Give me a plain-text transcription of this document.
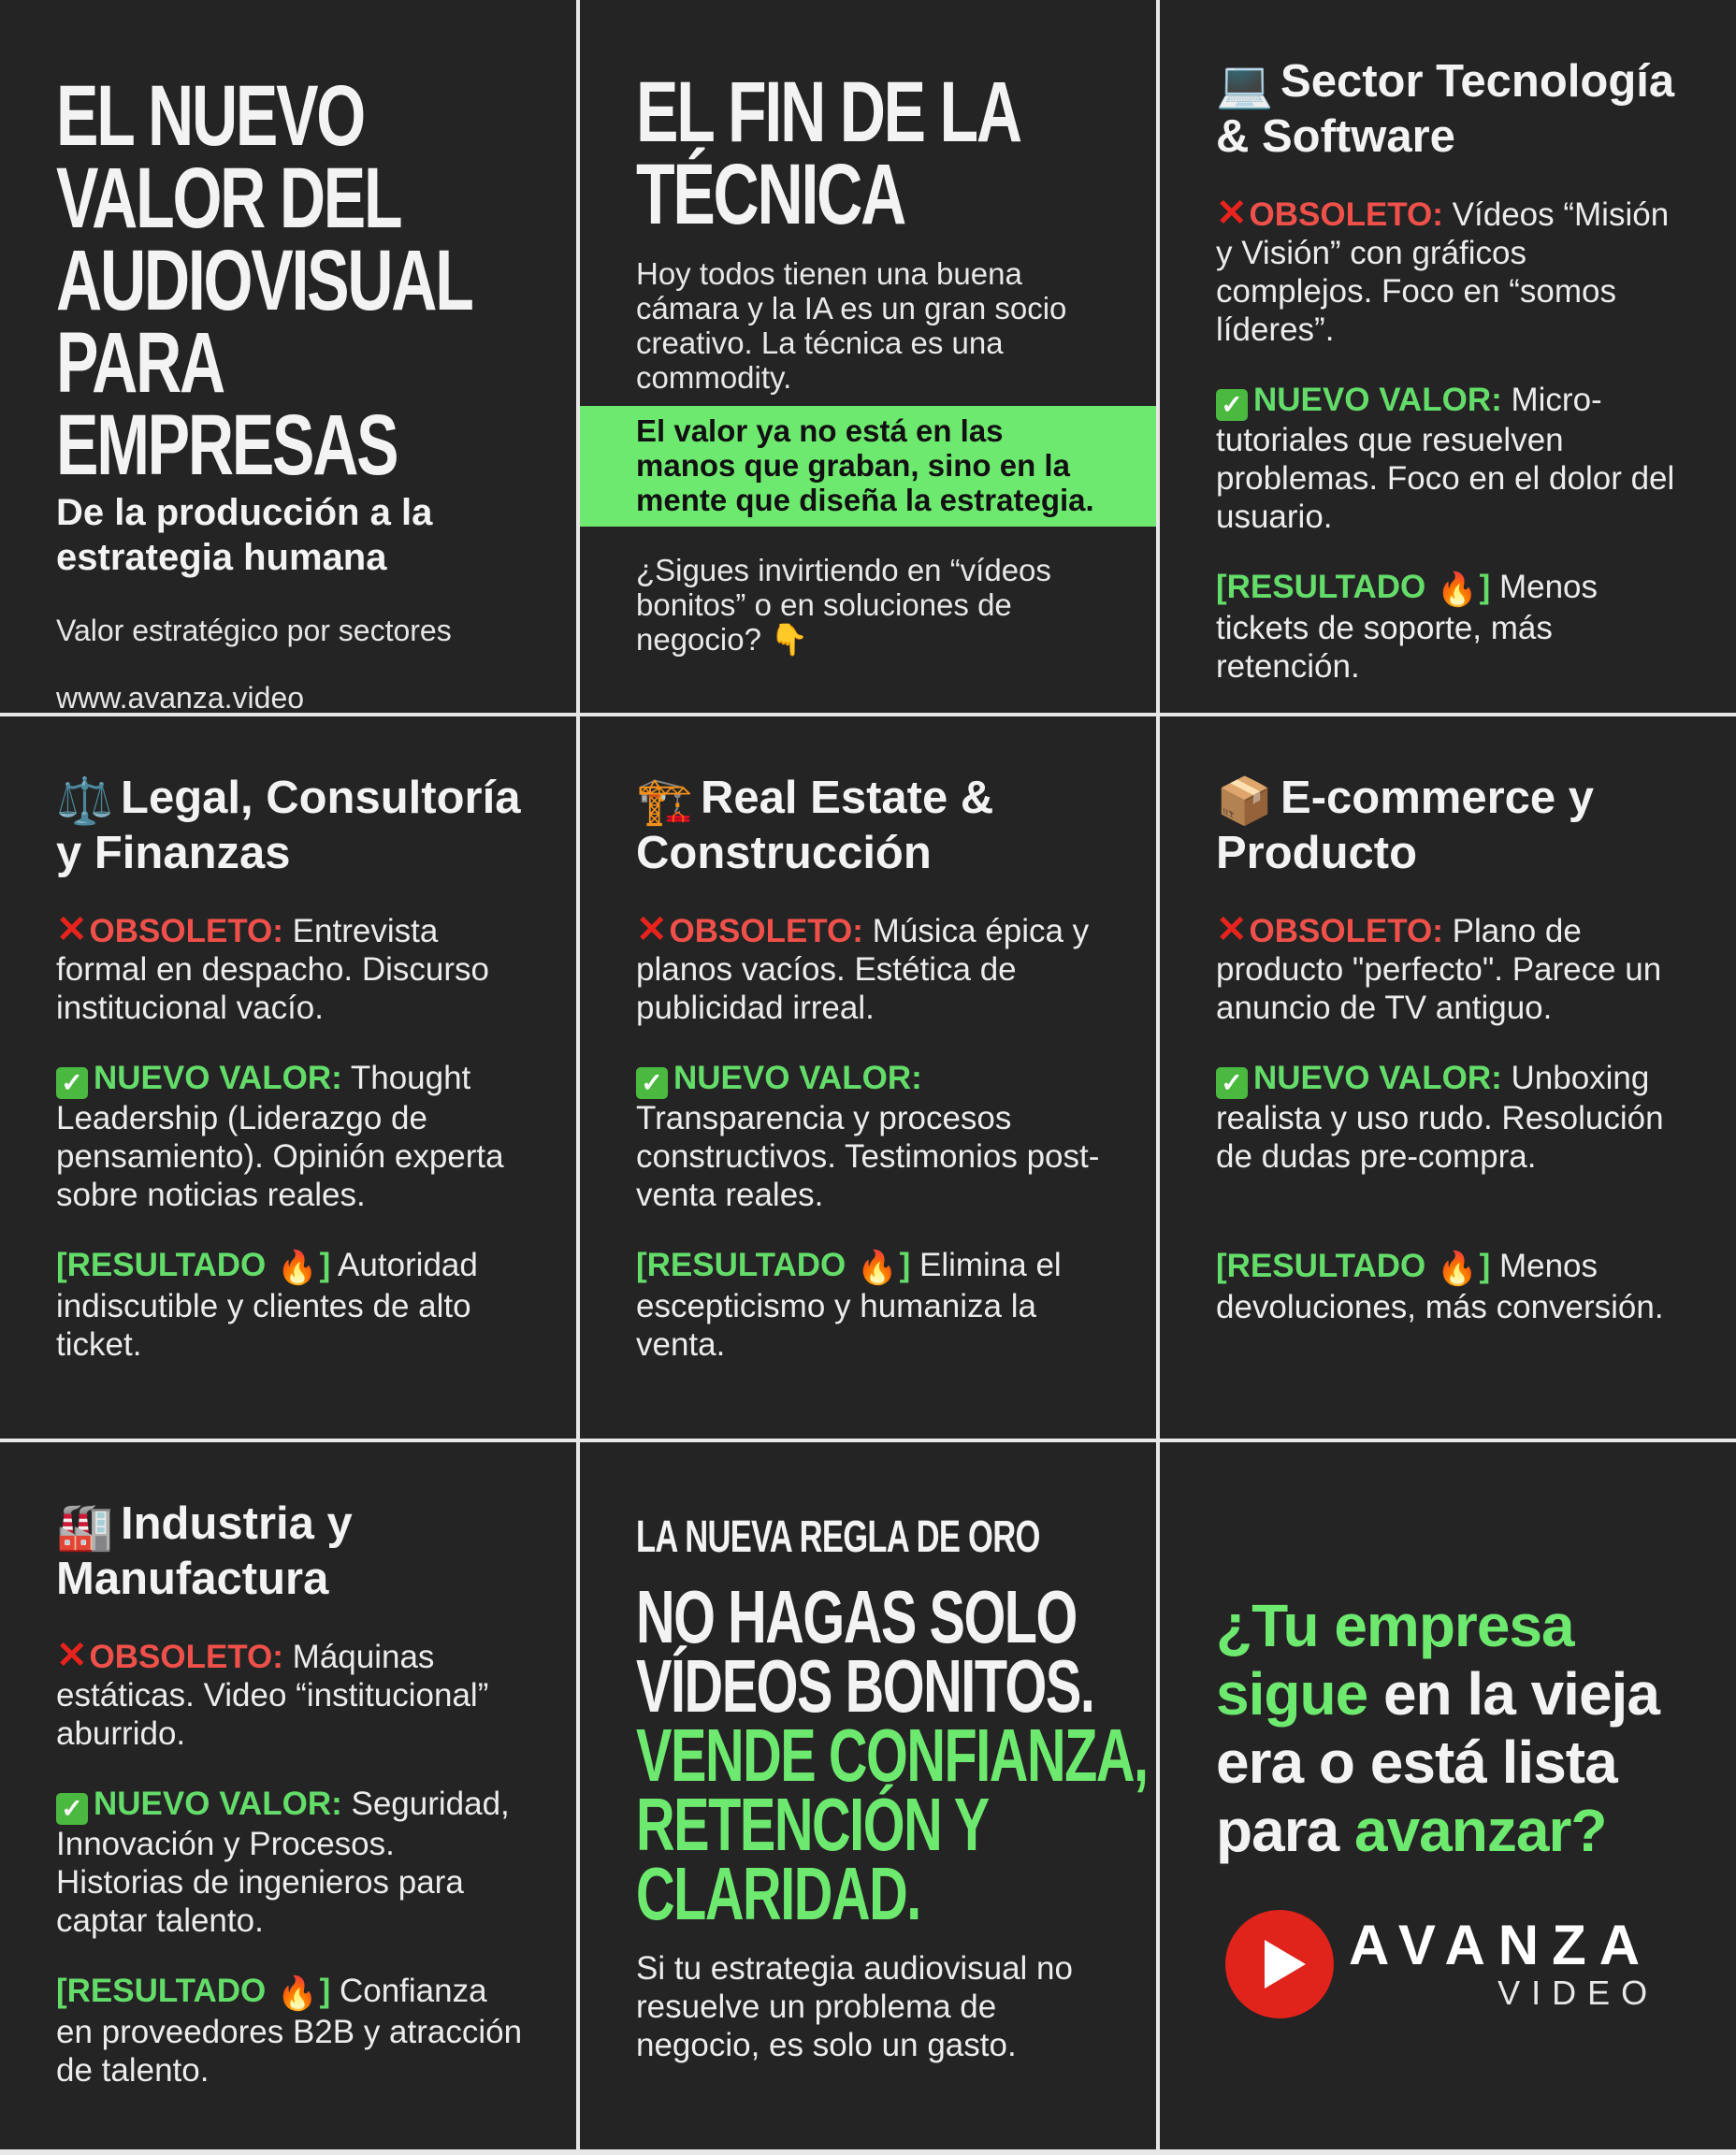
EL NUEVO
VALOR DEL
AUDIOVISUAL
PARA EMPRESAS
De la producción a la estrategia humana
Valor estratégico por sectores
www.avanza.video
EL FIN DE LA
TÉCNICA
Hoy todos tienen una buena cámara y la IA es un gran socio creativo. La técnica es una commodity.
El valor ya no está en las manos que graban, sino en la mente que diseña la estrategia.
¿Sigues invirtiendo en “vídeos bonitos” o en soluciones de negocio? 👇
💻 Sector Tecnología & Software
✕OBSOLETO: Vídeos “Misión y Visión” con gráficos complejos. Foco en “somos líderes”.
✓ NUEVO VALOR: Micro-tutoriales que resuelven problemas. Foco en el dolor del usuario.
[RESULTADO 🔥] Menos tickets de soporte, más retención.
⚖️ Legal, Consultoría y Finanzas
✕OBSOLETO: Entrevista formal en despacho. Discurso institucional vacío.
✓ NUEVO VALOR: Thought Leadership (Liderazgo de pensamiento). Opinión experta sobre noticias reales.
[RESULTADO 🔥] Autoridad indiscutible y clientes de alto ticket.
🏗️ Real Estate & Construcción
✕OBSOLETO: Música épica y planos vacíos. Estética de publicidad irreal.
✓ NUEVO VALOR:
Transparencia y procesos constructivos. Testimonios post-venta reales.
[RESULTADO 🔥] Elimina el escepticismo y humaniza la venta.
📦 E-commerce y Producto
✕OBSOLETO: Plano de producto "perfecto". Parece un anuncio de TV antiguo.
✓ NUEVO VALOR: Unboxing realista y uso rudo. Resolución de dudas pre-compra.
[RESULTADO 🔥] Menos devoluciones, más conversión.
🏭 Industria y Manufactura
✕OBSOLETO: Máquinas estáticas. Video “institucional” aburrido.
✓ NUEVO VALOR: Seguridad, Innovación y Procesos. Historias de ingenieros para captar talento.
[RESULTADO 🔥] Confianza en proveedores B2B y atracción de talento.
LA NUEVA REGLA DE ORO
NO HAGAS SOLO VÍDEOS BONITOS.
VENDE CONFIANZA, RETENCIÓN Y CLARIDAD.
Si tu estrategia audiovisual no resuelve un problema de negocio, es solo un gasto.
¿Tu empresa sigue en la vieja era o está lista para avanzar?
AVANZA
VIDEO
